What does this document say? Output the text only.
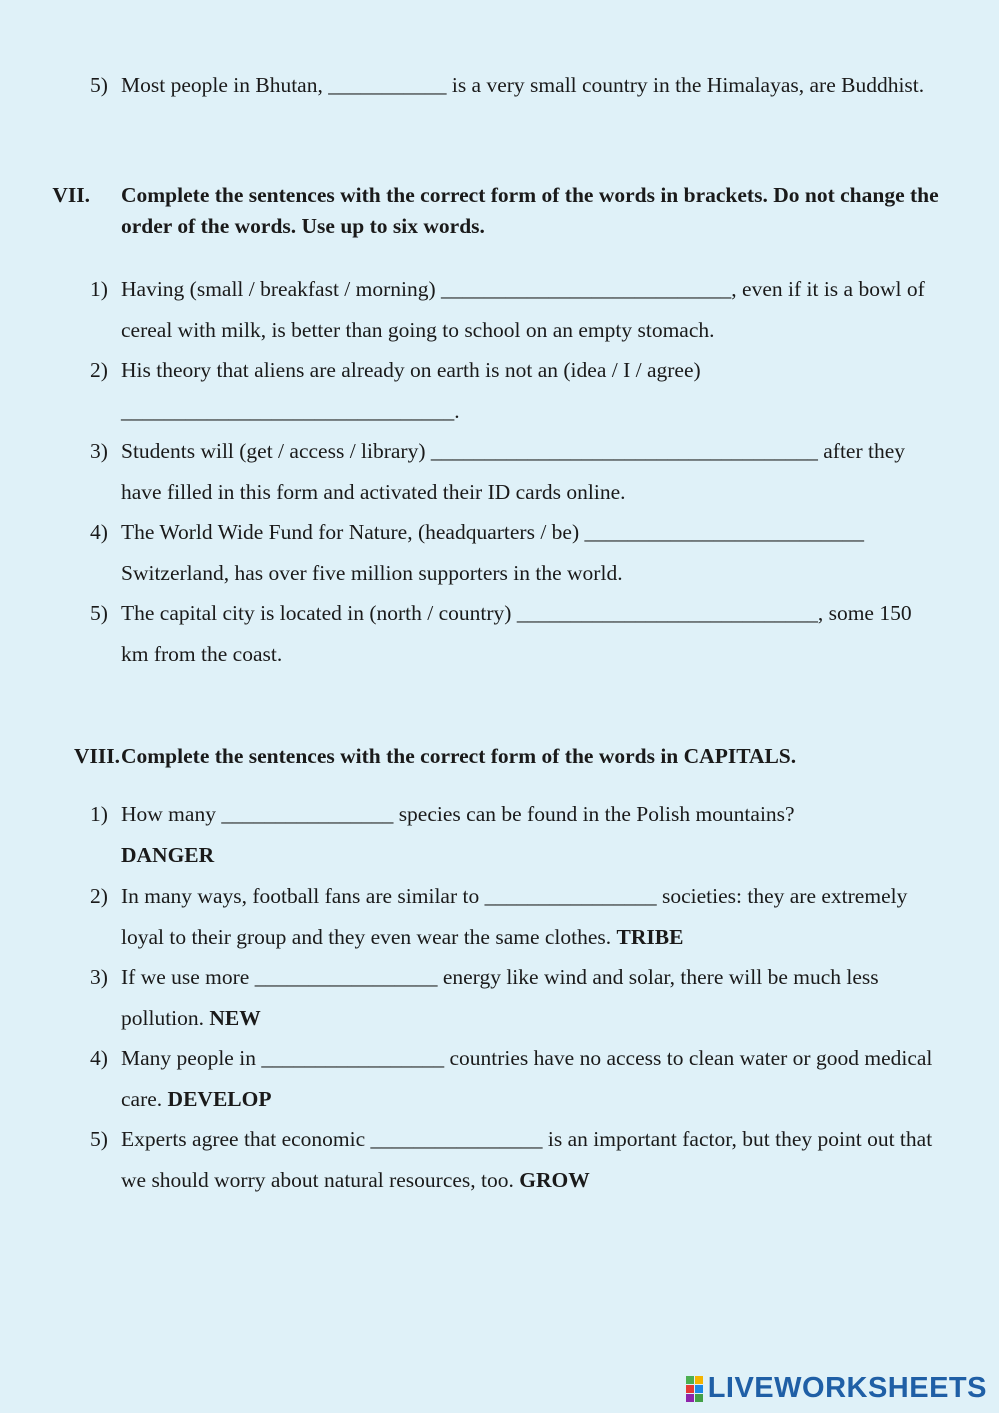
5) Most people in Bhutan, ___________ is a very small country in the Himalayas, are Buddhist.
VII. Complete the sentences with the correct form of the words in brackets. Do not change the order of the words. Use up to six words.
1) Having (small / breakfast / morning) ___________________________, even if it is a bowl of cereal with milk, is better than going to school on an empty stomach.
2) His theory that aliens are already on earth is not an (idea / I / agree)
_______________________________.
3) Students will (get / access / library) ____________________________________ after they have filled in this form and activated their ID cards online.
4) The World Wide Fund for Nature, (headquarters / be) __________________________ Switzerland, has over five million supporters in the world.
5) The capital city is located in (north / country) ____________________________, some 150 km from the coast.
VIII. Complete the sentences with the correct form of the words in CAPITALS.
1) How many ________________ species can be found in the Polish mountains?
DANGER
2) In many ways, football fans are similar to ________________ societies: they are extremely loyal to their group and they even wear the same clothes. TRIBE
3) If we use more _________________ energy like wind and solar, there will be much less pollution. NEW
4) Many people in _________________ countries have no access to clean water or good medical care. DEVELOP
5) Experts agree that economic ________________ is an important factor, but they point out that we should worry about natural resources, too. GROW
LIVEWORKSHEETS
